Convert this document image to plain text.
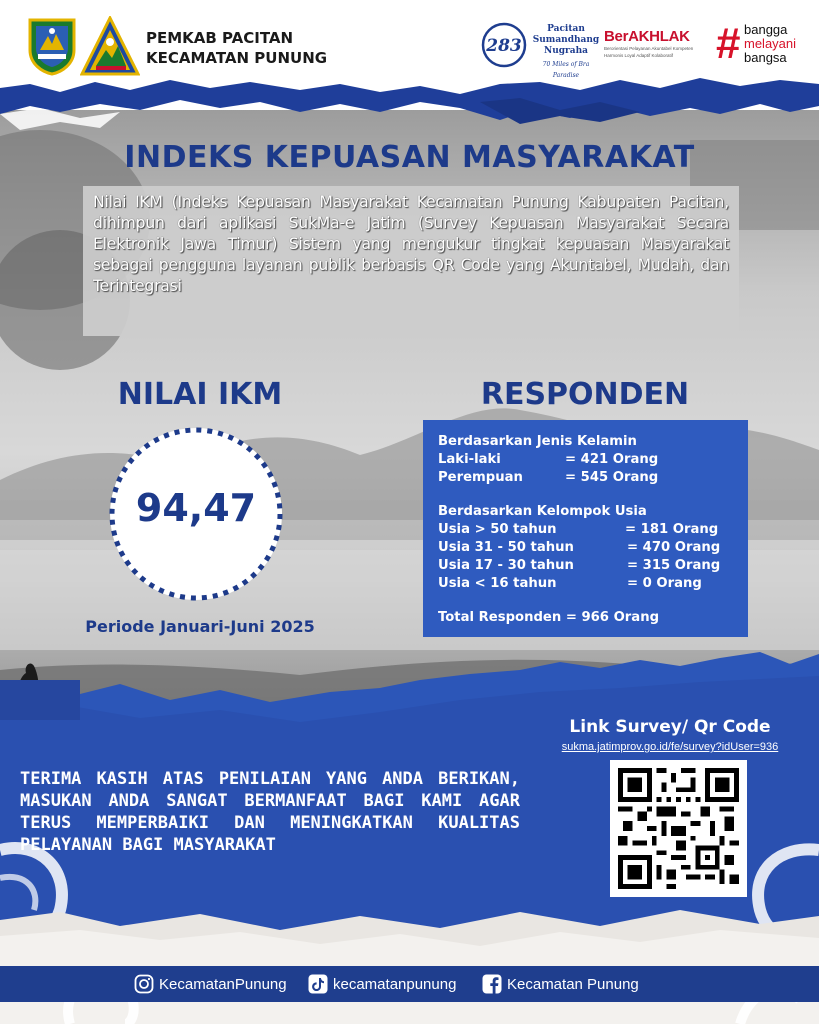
PEMKAB PACITAN
KECAMATAN PUNUNG
283
Pacitan
Sumandhang
Nugraha
70 Miles of Bra Paradise
BerAKHLAK
Berorientasi Pelayanan Akuntabel Kompeten
Harmonis Loyal Adaptif Kolaboratif # bangga
melayani
bangsa
INDEKS KEPUASAN MASYARAKAT

Nilai IKM (Indeks Kepuasan Masyarakat Kecamatan Punung Kabupaten Pacitan, dihimpun dari aplikasi SukMa-e Jatim (Survey Kepuasan Masyarakat Secara Elektronik Jawa Timur) Sistem yang mengukur tingkat kepuasan Masyarakat sebagai pengguna layanan publik berbasis QR Code yang Akuntabel, Mudah, dan Terintegrasi

NILAI IKM
94,47
Periode Januari-Juni 2025
RESPONDEN
Berdasarkan Jenis Kelamin
Laki-laki	= 421 Orang
Perempuan	= 545 Orang
Berdasarkan Kelompok Usia
Usia > 50 tahun	= 181 Orang
Usia 31 - 50 tahun	= 470 Orang
Usia 17 - 30 tahun	= 315 Orang
Usia < 16 tahun	= 0 Orang
Total Responden = 966 Orang
TERIMA KASIH ATAS PENILAIAN YANG ANDA BERIKAN, MASUKAN ANDA SANGAT BERMANFAAT BAGI KAMI AGAR TERUS MEMPERBAIKI DAN MENINGKATKAN KUALITAS PELAYANAN BAGI MASYARAKAT
Link Survey/ Qr Code
sukma.jatimprov.go.id/fe/survey?idUser=936
KecamatanPunung	kecamatanpunung	Kecamatan Punung
